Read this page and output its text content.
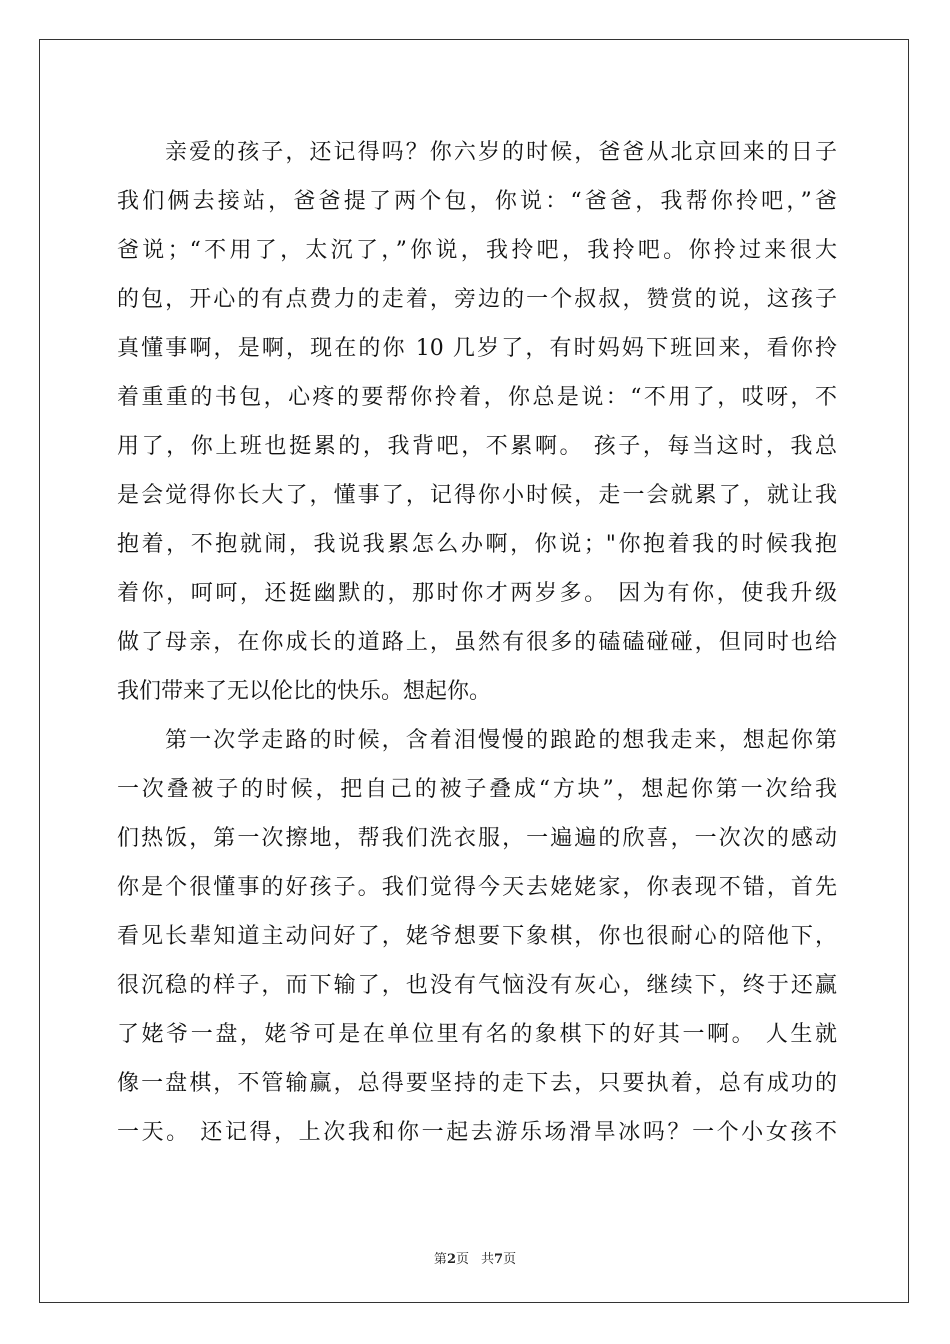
亲爱的孩子，还记得吗？你六岁的时候，爸爸从北京回来的日子
我们俩去接站，爸爸提了两个包，你说：“爸爸，我帮你拎吧，”爸
爸说；“不用了，太沉了，”你说，我拎吧，我拎吧。你拎过来很大
的包，开心的有点费力的走着，旁边的一个叔叔，赞赏的说，这孩子
真懂事啊，是啊，现在的你 10 几岁了，有时妈妈下班回来，看你拎
着重重的书包，心疼的要帮你拎着，你总是说：“不用了，哎呀，不
用了，你上班也挺累的，我背吧，不累啊。 孩子，每当这时，我总
是会觉得你长大了，懂事了，记得你小时候，走一会就累了，就让我
抱着，不抱就闹，我说我累怎么办啊，你说；"你抱着我的时候我抱
着你，呵呵，还挺幽默的，那时你才两岁多。 因为有你，使我升级
做了母亲，在你成长的道路上，虽然有很多的磕磕碰碰，但同时也给
我们带来了无以伦比的快乐。想起你。
第一次学走路的时候，含着泪慢慢的踉跄的想我走来，想起你第
一次叠被子的时候，把自己的被子叠成“方块”，想起你第一次给我
们热饭，第一次擦地，帮我们洗衣服，一遍遍的欣喜，一次次的感动
你是个很懂事的好孩子。我们觉得今天去姥姥家，你表现不错，首先
看见长辈知道主动问好了，姥爷想要下象棋，你也很耐心的陪他下，
很沉稳的样子，而下输了，也没有气恼没有灰心，继续下，终于还赢
了姥爷一盘，姥爷可是在单位里有名的象棋下的好其一啊。 人生就
像一盘棋，不管输赢，总得要坚持的走下去，只要执着，总有成功的
一天。 还记得，上次我和你一起去游乐场滑旱冰吗？一个小女孩不
第2页 共7页
